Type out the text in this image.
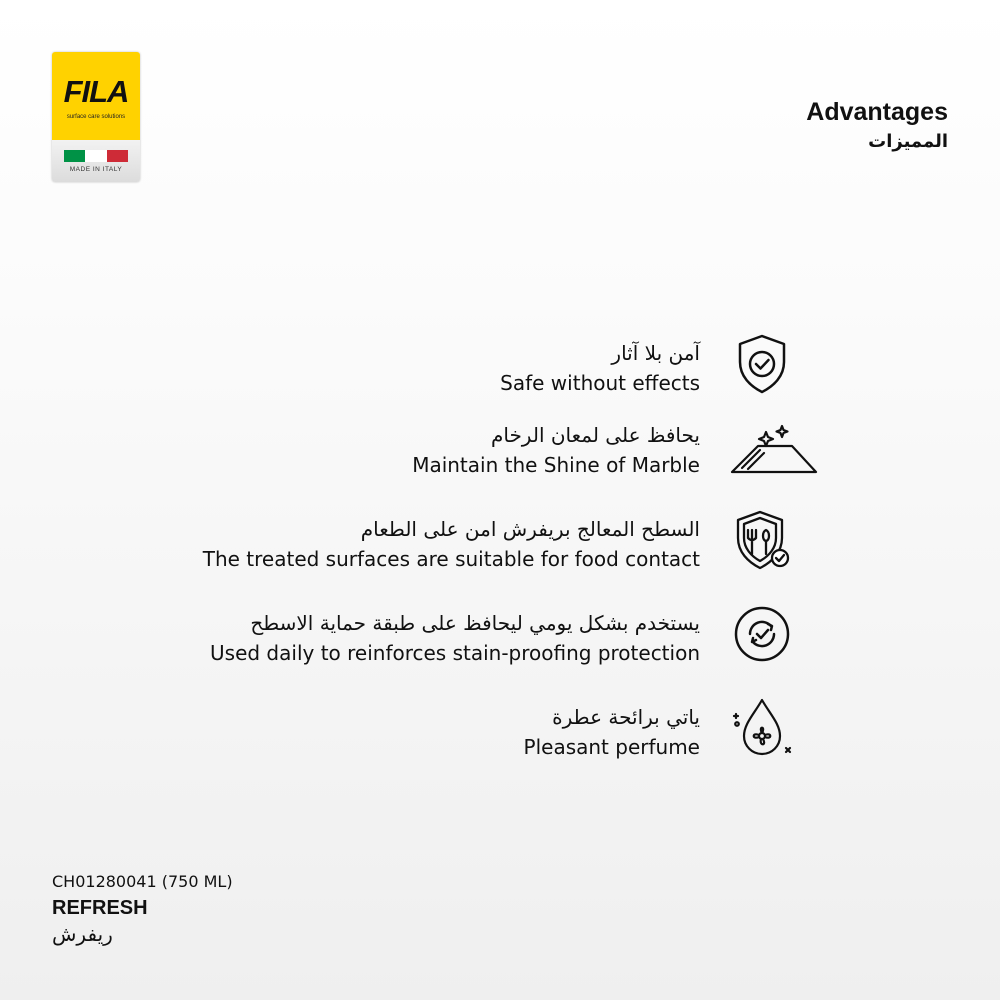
FILA
surface care solutions
MADE IN ITALY
Advantages
المميزات
آمن بلا آثار
Safe without effects
يحافظ على لمعان الرخام
Maintain the Shine of Marble
السطح المعالج بريفرش امن على الطعام
The treated surfaces are suitable for food contact
يستخدم بشكل يومي ليحافظ على طبقة حماية الاسطح
Used daily to reinforces stain-proofing protection
ياتي برائحة عطرة
Pleasant perfume
CH01280041 (750 ML)
REFRESH
ريفرش
